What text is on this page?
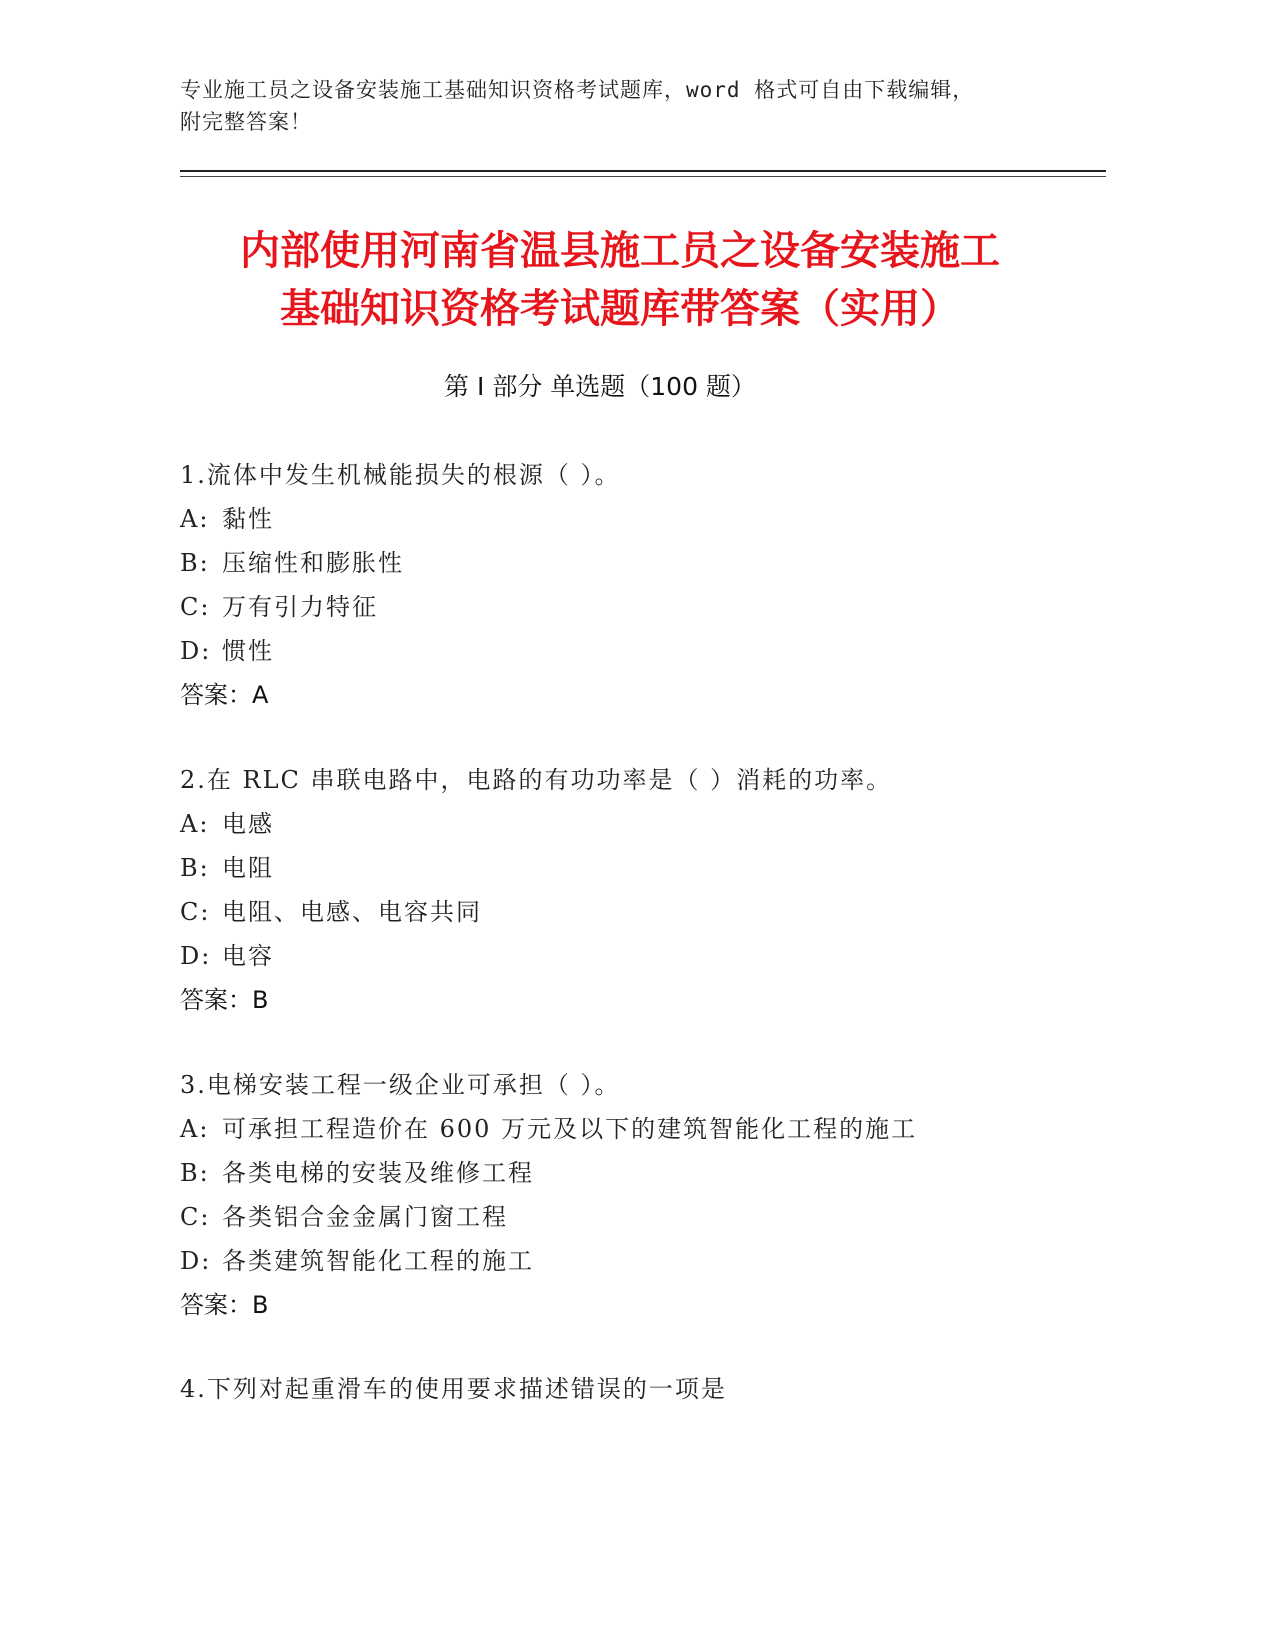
专业施工员之设备安装施工基础知识资格考试题库，word 格式可自由下载编辑，
附完整答案！
内部使用河南省温县施工员之设备安装施工
基础知识资格考试题库带答案（实用）
第 I 部分 单选题（100 题）
1.流体中发生机械能损失的根源（ ）。
A: 黏性
B: 压缩性和膨胀性
C: 万有引力特征
D: 惯性
答案：A
2.在 RLC 串联电路中，电路的有功功率是（ ）消耗的功率。
A: 电感
B: 电阻
C: 电阻、电感、电容共同
D: 电容
答案：B
3.电梯安装工程一级企业可承担（ ）。
A: 可承担工程造价在 600 万元及以下的建筑智能化工程的施工
B: 各类电梯的安装及维修工程
C: 各类铝合金金属门窗工程
D: 各类建筑智能化工程的施工
答案：B
4.下列对起重滑车的使用要求描述错误的一项是
